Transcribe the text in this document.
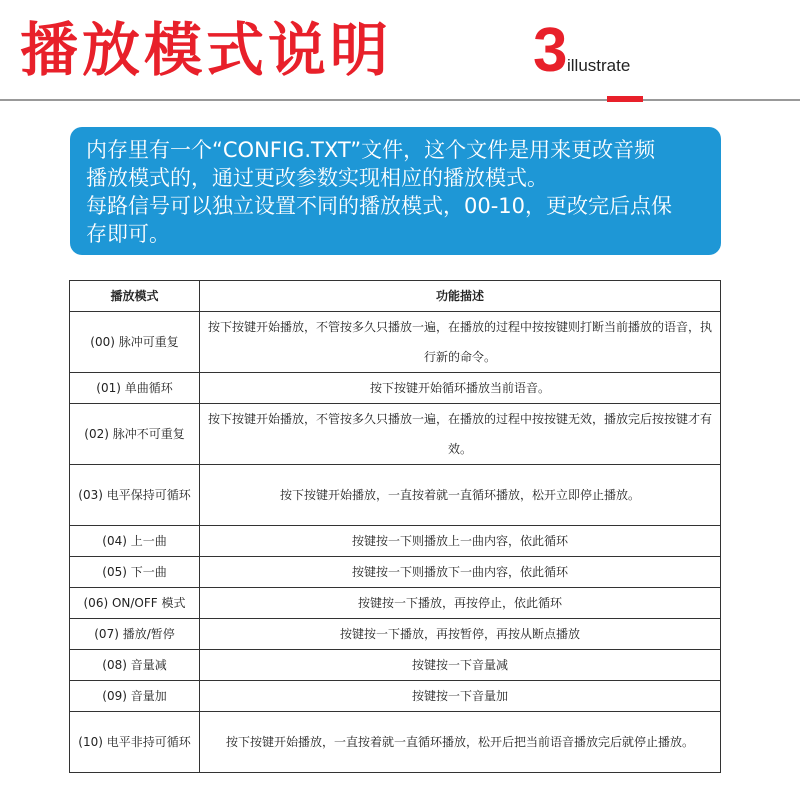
播放模式说明 3 illustrate
内存里有一个“CONFIG.TXT”文件，这个文件是用来更改音频
播放模式的，通过更改参数实现相应的播放模式。
每路信号可以独立设置不同的播放模式，00-10，更改完后点保
存即可。
播放模式	功能描述
(00) 脉冲可重复	按下按键开始播放，不管按多久只播放一遍，在播放的过程中按按键则打断当前播放的语音，执行新的命令。
(01) 单曲循环	按下按键开始循环播放当前语音。
(02) 脉冲不可重复	按下按键开始播放，不管按多久只播放一遍，在播放的过程中按按键无效，播放完后按按键才有效。
(03) 电平保持可循环	按下按键开始播放，一直按着就一直循环播放，松开立即停止播放。
(04) 上一曲	按键按一下则播放上一曲内容，依此循环
(05) 下一曲	按键按一下则播放下一曲内容，依此循环
(06) ON/OFF 模式	按键按一下播放，再按停止，依此循环
(07) 播放/暂停	按键按一下播放，再按暂停，再按从断点播放
(08) 音量减	按键按一下音量减
(09) 音量加	按键按一下音量加
(10) 电平非持可循环	按下按键开始播放，一直按着就一直循环播放，松开后把当前语音播放完后就停止播放。
